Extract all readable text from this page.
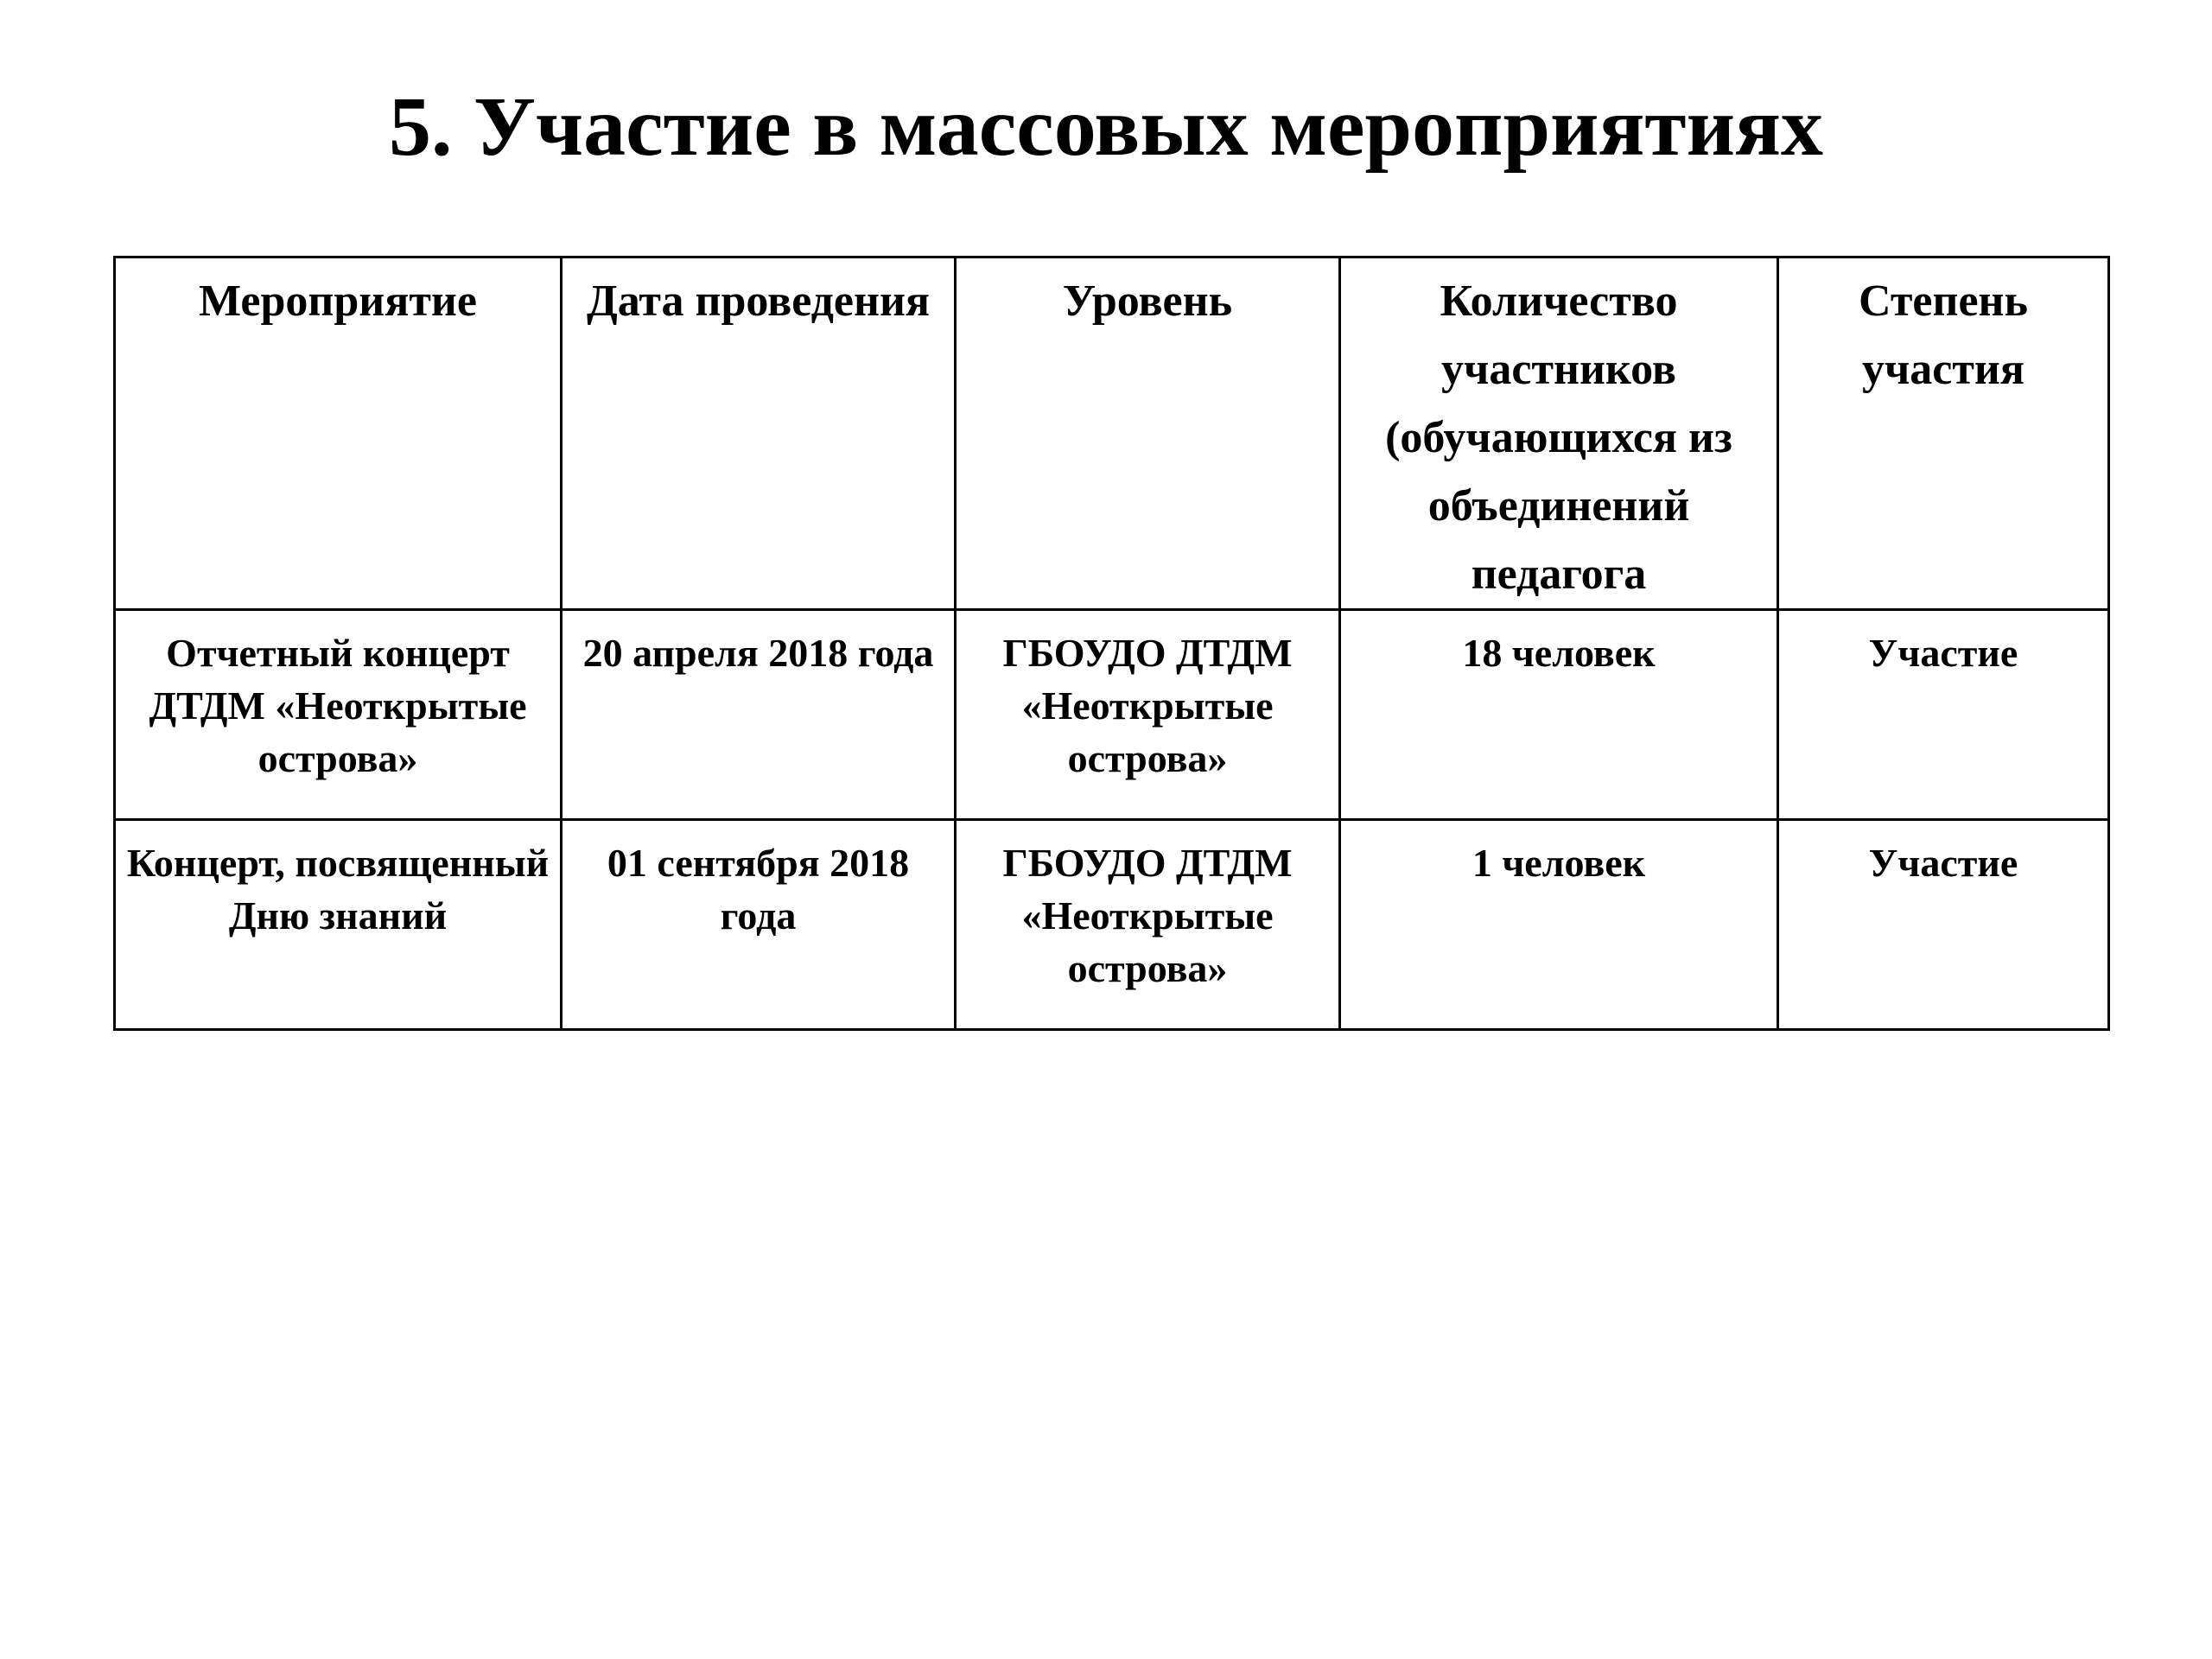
5. Участие в массовых мероприятиях
Мероприятие	Дата проведения	Уровень	Количество участников (обучающихся из объединений педагога	Степень участия
Отчетный концерт ДТДМ «Неоткрытые острова»	20 апреля 2018 года	ГБОУДО ДТДМ «Неоткрытые острова»	18 человек	Участие
Концерт, посвященный Дню знаний	01 сентября 2018 года	ГБОУДО ДТДМ «Неоткрытые острова»	1 человек	Участие
